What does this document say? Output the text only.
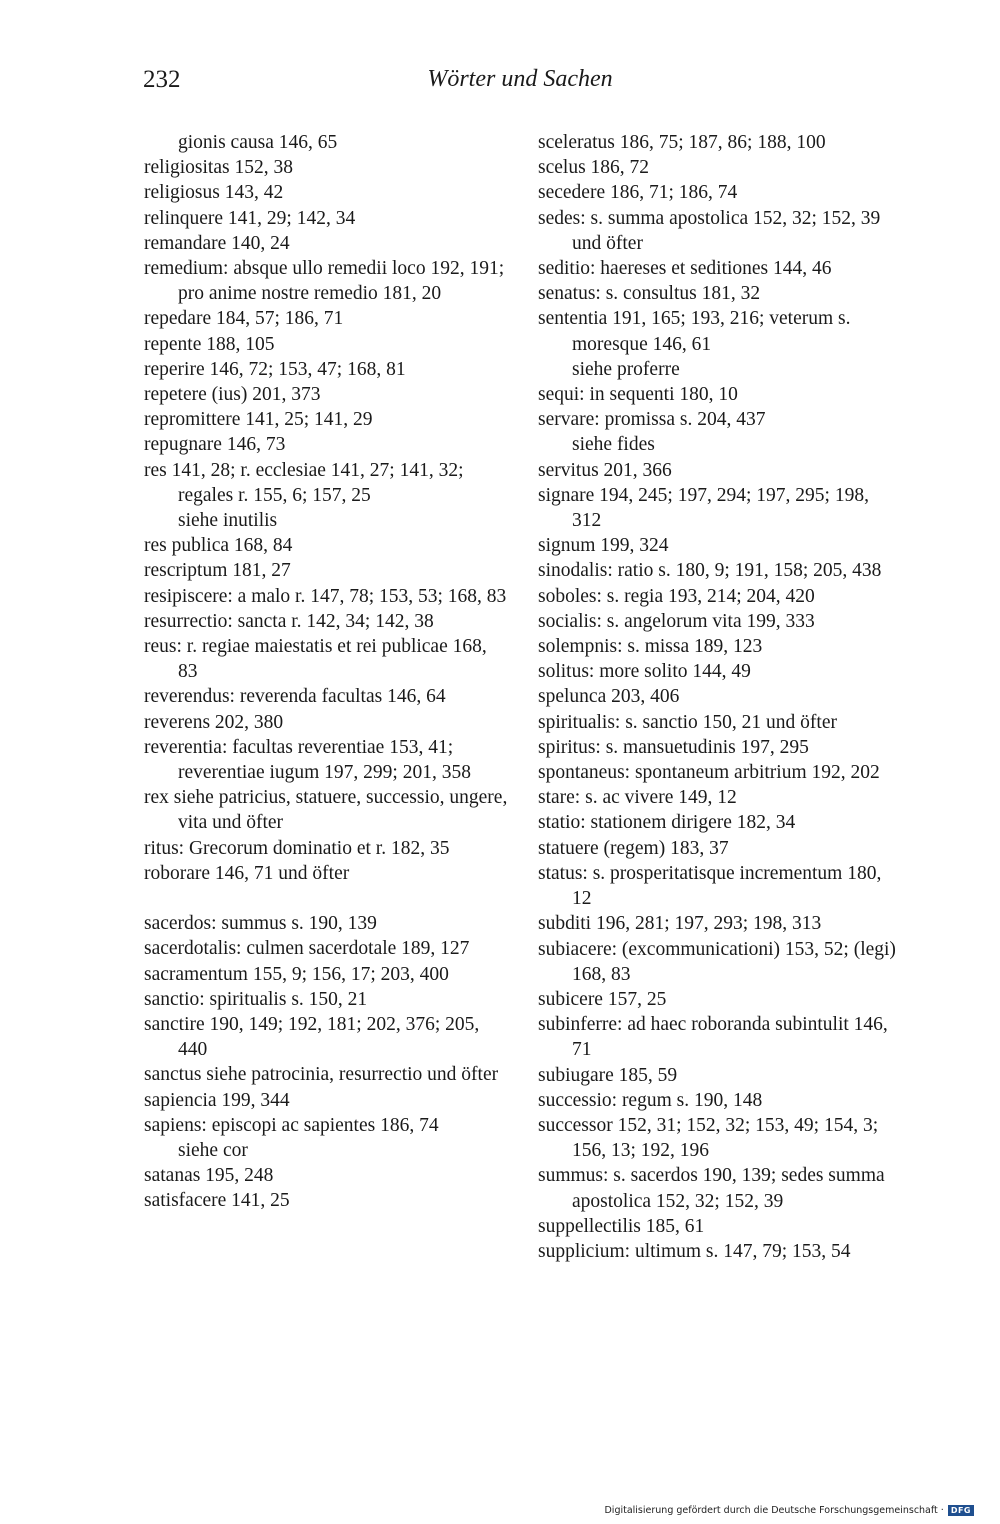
232	Wörter und Sachen

gionis causa 146, 65

religiositas 152, 38

religiosus 143, 42

relinquere 141, 29; 142, 34

remandare 140, 24

remedium: absque ullo remedii loco 192, 191; pro anime nostre remedio 181, 20

repedare 184, 57; 186, 71

repente 188, 105

reperire 146, 72; 153, 47; 168, 81

repetere (ius) 201, 373

repromittere 141, 25; 141, 29

repugnare 146, 73

res 141, 28; r. ecclesiae 141, 27; 141, 32; regales r. 155, 6; 157, 25

siehe inutilis

res publica 168, 84

rescriptum 181, 27

resipiscere: a malo r. 147, 78; 153, 53; 168, 83

resurrectio: sancta r. 142, 34; 142, 38

reus: r. regiae maiestatis et rei publicae 168, 83

reverendus: reverenda facultas 146, 64

reverens 202, 380

reverentia: facultas reverentiae 153, 41; reverentiae iugum 197, 299; 201, 358

rex siehe patricius, statuere, successio, ungere, vita und öfter

ritus: Grecorum dominatio et r. 182, 35

roborare 146, 71 und öfter

sacerdos: summus s. 190, 139

sacerdotalis: culmen sacerdotale 189, 127

sacramentum 155, 9; 156, 17; 203, 400

sanctio: spiritualis s. 150, 21

sanctire 190, 149; 192, 181; 202, 376; 205, 440

sanctus siehe patrocinia, resurrectio und öfter

sapiencia 199, 344

sapiens: episcopi ac sapientes 186, 74

siehe cor

satanas 195, 248

satisfacere 141, 25

sceleratus 186, 75; 187, 86; 188, 100

scelus 186, 72

secedere 186, 71; 186, 74

sedes: s. summa apostolica 152, 32; 152, 39 und öfter

seditio: haereses et seditiones 144, 46

senatus: s. consultus 181, 32

sententia 191, 165; 193, 216; veterum s. moresque 146, 61

siehe proferre

sequi: in sequenti 180, 10

servare: promissa s. 204, 437

siehe fides

servitus 201, 366

signare 194, 245; 197, 294; 197, 295; 198, 312

signum 199, 324

sinodalis: ratio s. 180, 9; 191, 158; 205, 438

soboles: s. regia 193, 214; 204, 420

socialis: s. angelorum vita 199, 333

solempnis: s. missa 189, 123

solitus: more solito 144, 49

spelunca 203, 406

spiritualis: s. sanctio 150, 21 und öfter

spiritus: s. mansuetudinis 197, 295

spontaneus: spontaneum arbitrium 192, 202

stare: s. ac vivere 149, 12

statio: stationem dirigere 182, 34

statuere (regem) 183, 37

status: s. prosperitatisque incrementum 180, 12

subditi 196, 281; 197, 293; 198, 313

subiacere: (excommunicationi) 153, 52; (legi) 168, 83

subicere 157, 25

subinferre: ad haec roboranda subintulit 146, 71

subiugare 185, 59

successio: regum s. 190, 148

successor 152, 31; 152, 32; 153, 49; 154, 3; 156, 13; 192, 196

summus: s. sacerdos 190, 139; sedes summa apostolica 152, 32; 152, 39

suppellectilis 185, 61

supplicium: ultimum s. 147, 79; 153, 54

Digitalisierung gefördert durch die Deutsche Forschungsgemeinschaft · DFG
